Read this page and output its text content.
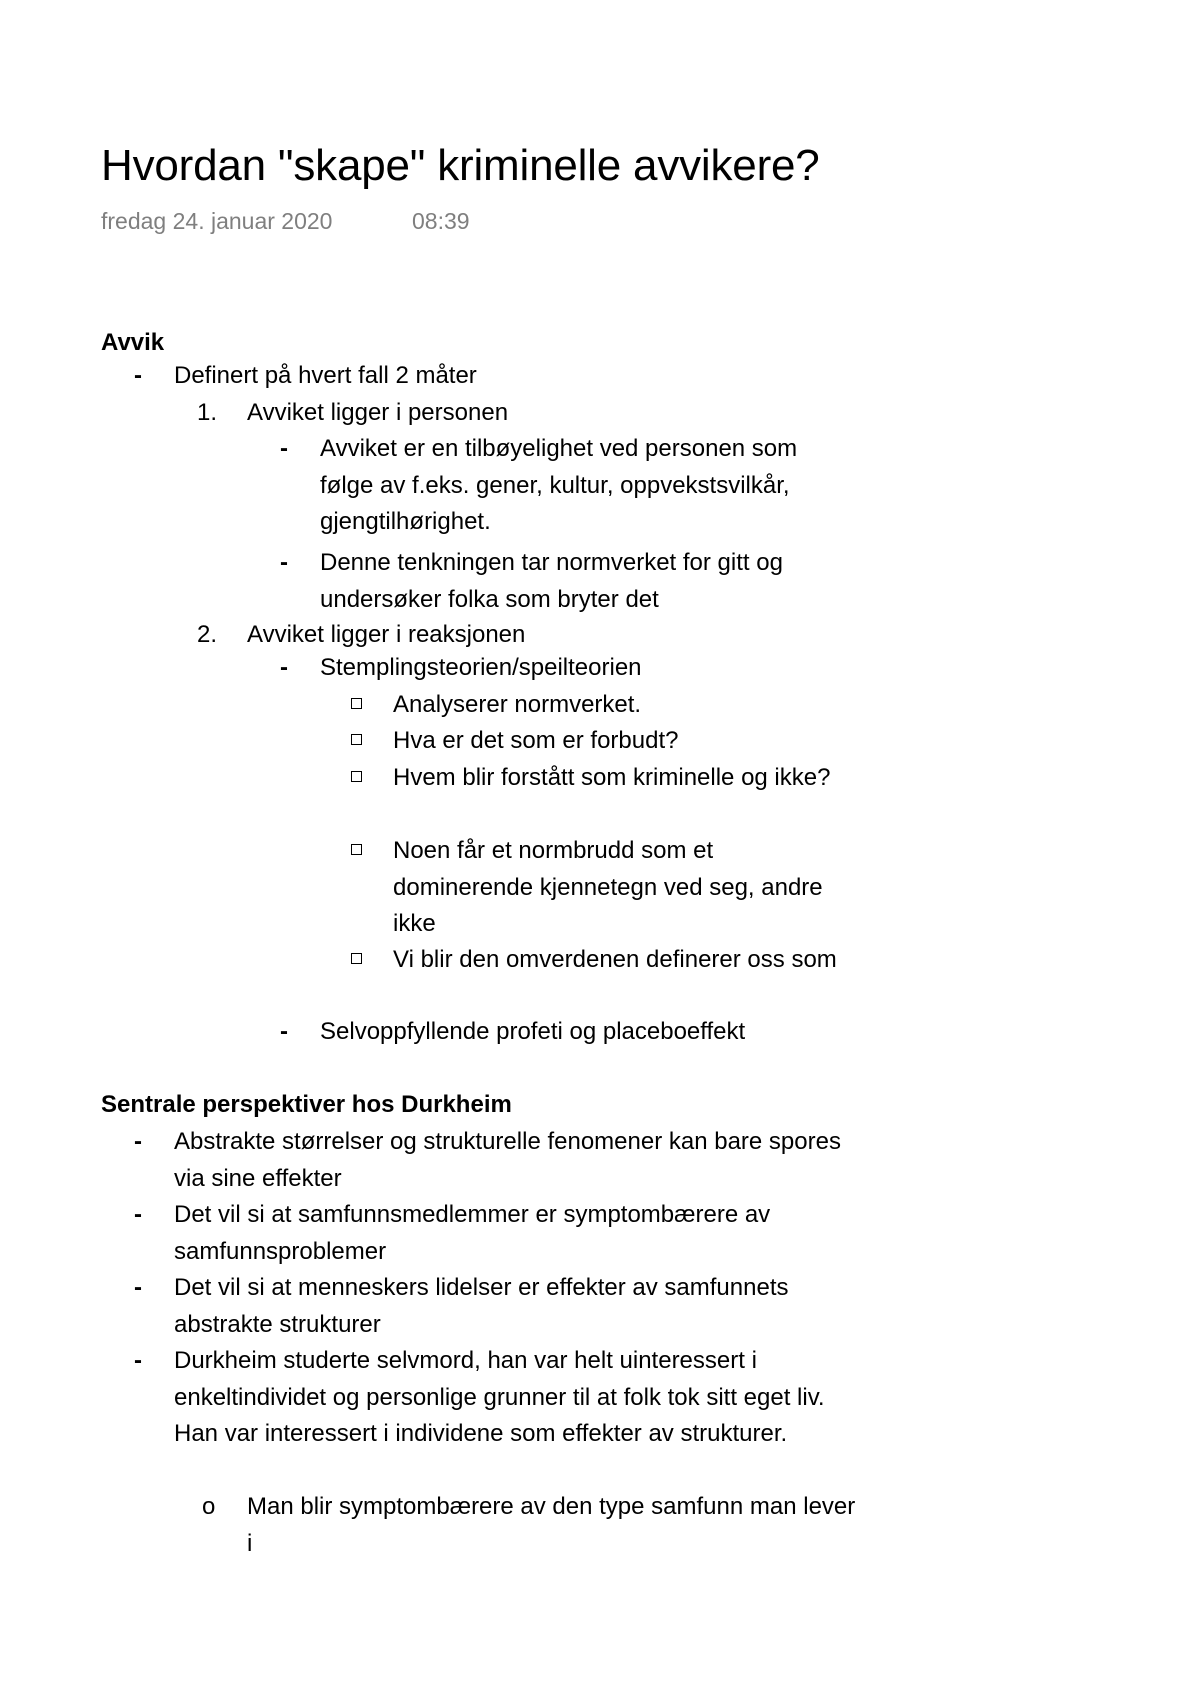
Hvordan "skape" kriminelle avvikere?
fredag 24. januar 2020	08:39
Avvik
- Definert på hvert fall 2 måter
1. Avviket ligger i personen
- Avviket er en tilbøyelighet ved personen som følge av f.eks. gener, kultur, oppvekstsvilkår, gjengtilhørighet.
- Denne tenkningen tar normverket for gitt og undersøker folka som bryter det
2. Avviket ligger i reaksjonen
- Stemplingsteorien/speilteorien
Analyserer normverket.
Hva er det som er forbudt?
Hvem blir forstått som kriminelle og ikke?
Noen får et normbrudd som et dominerende kjennetegn ved seg, andre ikke
Vi blir den omverdenen definerer oss som
- Selvoppfyllende profeti og placeboeffekt
Sentrale perspektiver hos Durkheim
- Abstrakte størrelser og strukturelle fenomener kan bare spores via sine effekter
- Det vil si at samfunnsmedlemmer er symptombærere av samfunnsproblemer
- Det vil si at menneskers lidelser er effekter av samfunnets abstrakte strukturer
- Durkheim studerte selvmord, han var helt uinteressert i enkeltindividet og personlige grunner til at folk tok sitt eget liv. Han var interessert i individene som effekter av strukturer.
o Man blir symptombærere av den type samfunn man lever i
